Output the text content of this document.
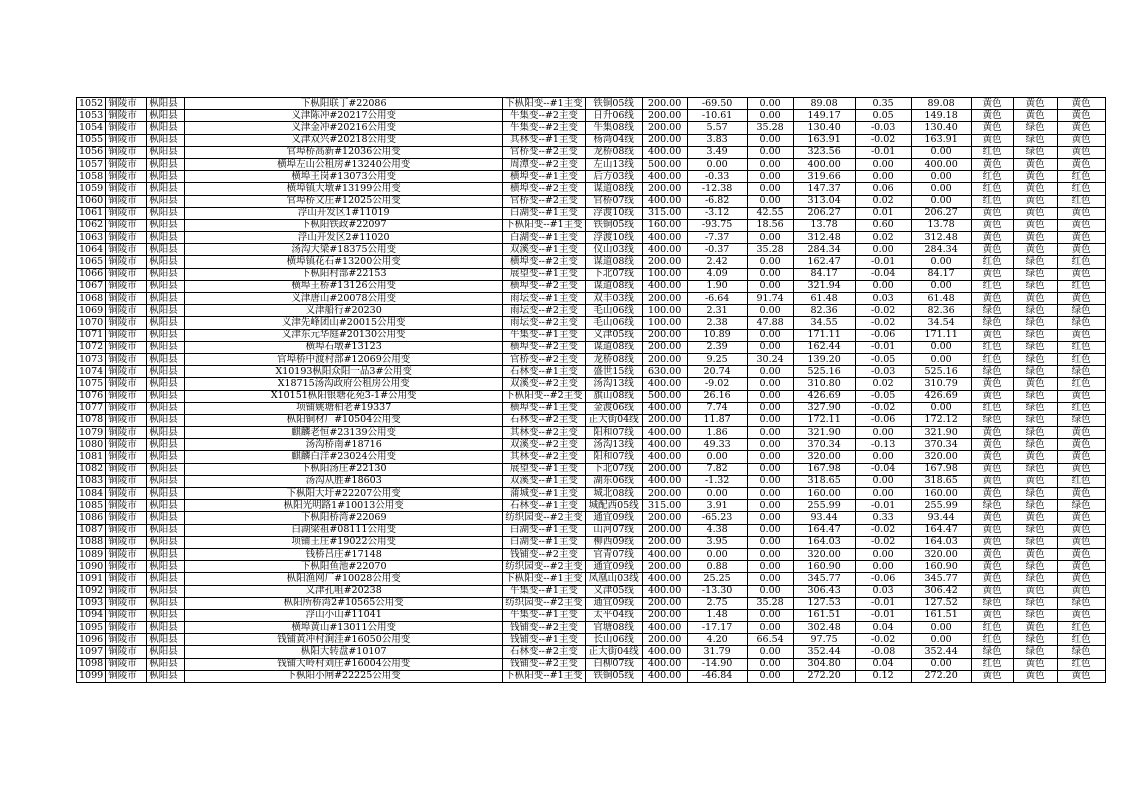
1052	铜陵市	枞阳县	下枞阳联丁#22086	下枞阳变--#1主变	铁铜05线	200.00	-69.50	0.00	89.08	0.35	89.08	黄色	黄色	黄色
1053	铜陵市	枞阳县	义津陈冲#20217公用变	牛集变--#2主变	日升06线	200.00	-10.61	0.00	149.17	0.05	149.18	黄色	黄色	黄色
1054	铜陵市	枞阳县	义津金冲#20216公用变	牛集变--#2主变	牛集08线	200.00	5.57	35.28	130.40	-0.03	130.40	黄色	绿色	黄色
1055	铜陵市	枞阳县	义津双兴#20218公用变	其林变--#1主变	杨湾04线	200.00	3.83	0.00	163.91	-0.02	163.91	黄色	绿色	黄色
1056	铜陵市	枞阳县	官埠桥高新#12036公用变	官桥变--#2主变	龙桥08线	400.00	3.49	0.00	323.56	-0.01	0.00	红色	绿色	黄色
1057	铜陵市	枞阳县	横埠左山公租房#13240公用变	周潭变--#2主变	左山13线	500.00	0.00	0.00	400.00	0.00	400.00	黄色	黄色	黄色
1058	铜陵市	枞阳县	横埠王岗#13073公用变	横埠变--#1主变	后方03线	400.00	-0.33	0.00	319.66	0.00	0.00	红色	黄色	红色
1059	铜陵市	枞阳县	横埠镇大墩#13199公用变	横埠变--#2主变	谋道08线	200.00	-12.38	0.00	147.37	0.06	0.00	红色	黄色	红色
1060	铜陵市	枞阳县	官埠桥文庄#12025公用变	官桥变--#2主变	官桥07线	400.00	-6.82	0.00	313.04	0.02	0.00	红色	黄色	红色
1061	铜陵市	枞阳县	浮山开发区1#11019	白湖变--#1主变	浮渡10线	315.00	-3.12	42.55	206.27	0.01	206.27	黄色	黄色	黄色
1062	铜陵市	枞阳县	下枞阳铁政#22097	下枞阳变--#1主变	铁铜05线	160.00	-93.75	18.56	13.78	0.60	13.78	黄色	黄色	黄色
1063	铜陵市	枞阳县	浮山开发区2#11020	白湖变--#1主变	浮渡10线	400.00	-7.37	0.00	312.48	0.02	312.48	黄色	黄色	黄色
1064	铜陵市	枞阳县	汤沟大梁#18375公用变	双溪变--#1主变	仪山03线	400.00	-0.37	35.28	284.34	0.00	284.34	黄色	黄色	黄色
1065	铜陵市	枞阳县	横埠镇花石#13200公用变	横埠变--#2主变	谋道08线	200.00	2.42	0.00	162.47	-0.01	0.00	红色	绿色	红色
1066	铜陵市	枞阳县	下枞阳村部#22153	展望变--#1主变	下北07线	100.00	4.09	0.00	84.17	-0.04	84.17	黄色	绿色	黄色
1067	铜陵市	枞阳县	横埠王桥#13126公用变	横埠变--#2主变	谋道08线	400.00	1.90	0.00	321.94	0.00	0.00	红色	绿色	红色
1068	铜陵市	枞阳县	义津唐山#20078公用变	雨坛变--#1主变	双丰03线	200.00	-6.64	91.74	61.48	0.03	61.48	黄色	黄色	黄色
1069	铜陵市	枞阳县	义津船行#20230	雨坛变--#2主变	毛山06线	100.00	2.31	0.00	82.36	-0.02	82.36	绿色	绿色	绿色
1070	铜陵市	枞阳县	义津先峰团山#20015公用变	雨坛变--#2主变	毛山06线	100.00	2.38	47.88	34.55	-0.02	34.54	绿色	绿色	绿色
1071	铜陵市	枞阳县	义津东元华庭#20130公用变	牛集变--#1主变	义津05线	200.00	10.89	0.00	171.11	-0.06	171.11	黄色	绿色	黄色
1072	铜陵市	枞阳县	横埠石墩#13123	横埠变--#2主变	谋道08线	200.00	2.39	0.00	162.44	-0.01	0.00	红色	绿色	红色
1073	铜陵市	枞阳县	官埠桥中渡村部#12069公用变	官桥变--#2主变	龙桥08线	200.00	9.25	30.24	139.20	-0.05	0.00	红色	绿色	红色
1074	铜陵市	枞阳县	X10193枞阳众阳一品3#公用变	石林变--#1主变	盛世15线	630.00	20.74	0.00	525.16	-0.03	525.16	绿色	绿色	绿色
1075	铜陵市	枞阳县	X18715汤沟政府公租房公用变	双溪变--#2主变	汤沟13线	400.00	-9.02	0.00	310.80	0.02	310.79	黄色	黄色	红色
1076	铜陵市	枞阳县	X10151枞阳银塘花苑3-1#公用变	下枞阳变--#2主变	旗山08线	500.00	26.16	0.00	426.69	-0.05	426.69	黄色	绿色	黄色
1077	铜陵市	枞阳县	项铺姚塘柏老#19337	横埠变--#1主变	金渡06线	400.00	7.74	0.00	327.90	-0.02	0.00	红色	绿色	红色
1078	铜陵市	枞阳县	枞阳铜材厂#10504公用变	石林变--#2主变	正大街04线	200.00	11.87	0.00	172.11	-0.06	172.12	绿色	绿色	绿色
1079	铜陵市	枞阳县	麒麟老恒#23139公用变	其林变--#2主变	阳和07线	400.00	1.86	0.00	321.90	0.00	321.90	黄色	绿色	黄色
1080	铜陵市	枞阳县	汤沟桥南#18716	双溪变--#2主变	汤沟13线	400.00	49.33	0.00	370.34	-0.13	370.34	黄色	绿色	黄色
1081	铜陵市	枞阳县	麒麟白洋#23024公用变	其林变--#2主变	阳和07线	400.00	0.00	0.00	320.00	0.00	320.00	黄色	黄色	黄色
1082	铜陵市	枞阳县	下枞阳汤庄#22130	展望变--#1主变	下北07线	200.00	7.82	0.00	167.98	-0.04	167.98	黄色	绿色	黄色
1083	铜陵市	枞阳县	汤沟从胜#18603	双溪变--#1主变	湖东06线	400.00	-1.32	0.00	318.65	0.00	318.65	黄色	黄色	红色
1084	铜陵市	枞阳县	下枞阳大圩#22207公用变	蒲城变--#1主变	城北08线	200.00	0.00	0.00	160.00	0.00	160.00	黄色	绿色	黄色
1085	铜陵市	枞阳县	枞阳光明路1#10013公用变	石林变--#1主变	城配西05线	315.00	3.91	0.00	255.99	-0.01	255.99	绿色	绿色	绿色
1086	铜陵市	枞阳县	下枞阳桥湾#22069	纺织园变--#2主变	通宜09线	200.00	-65.23	0.00	93.44	0.33	93.44	黄色	黄色	黄色
1087	铜陵市	枞阳县	白湖梁祖#08111公用变	白湖变--#1主变	山河07线	200.00	4.38	0.00	164.47	-0.02	164.47	黄色	绿色	黄色
1088	铜陵市	枞阳县	项铺王庄#19022公用变	白湖变--#1主变	柳西09线	200.00	3.95	0.00	164.03	-0.02	164.03	黄色	绿色	黄色
1089	铜陵市	枞阳县	钱桥吕庄#17148	钱铺变--#2主变	官青07线	400.00	0.00	0.00	320.00	0.00	320.00	黄色	黄色	黄色
1090	铜陵市	枞阳县	下枞阳鱼池#22070	纺织园变--#2主变	通宜09线	200.00	0.88	0.00	160.90	0.00	160.90	黄色	绿色	黄色
1091	铜陵市	枞阳县	枞阳渔网厂#10028公用变	下枞阳变--#1主变	凤凰山03线	400.00	25.25	0.00	345.77	-0.06	345.77	黄色	绿色	黄色
1092	铜陵市	枞阳县	义津孔咀#20238	牛集变--#1主变	义津05线	400.00	-13.30	0.00	306.43	0.03	306.42	黄色	黄色	黄色
1093	铜陵市	枞阳县	枞阳所桥湾2#10565公用变	纺织园变--#2主变	通宜09线	200.00	2.75	35.28	127.53	-0.01	127.52	绿色	绿色	绿色
1094	铜陵市	枞阳县	浮山小山#11041	牛集变--#1主变	太平04线	200.00	1.48	0.00	161.51	-0.01	161.51	黄色	绿色	黄色
1095	铜陵市	枞阳县	横埠黄山#13011公用变	钱铺变--#2主变	官塘08线	400.00	-17.17	0.00	302.48	0.04	0.00	红色	黄色	红色
1096	铜陵市	枞阳县	钱铺黄冲村涧洼#16050公用变	钱铺变--#1主变	长山06线	200.00	4.20	66.54	97.75	-0.02	0.00	红色	绿色	红色
1097	铜陵市	枞阳县	枞阳大转盘#10107	石林变--#2主变	正大街04线	400.00	31.79	0.00	352.44	-0.08	352.44	绿色	绿色	绿色
1098	铜陵市	枞阳县	钱铺大岭村刘庄#16004公用变	钱铺变--#2主变	白柳07线	400.00	-14.90	0.00	304.80	0.04	0.00	红色	黄色	红色
1099	铜陵市	枞阳县	下枞阳小闸#22225公用变	下枞阳变--#1主变	铁铜05线	400.00	-46.84	0.00	272.20	0.12	272.20	黄色	黄色	黄色
